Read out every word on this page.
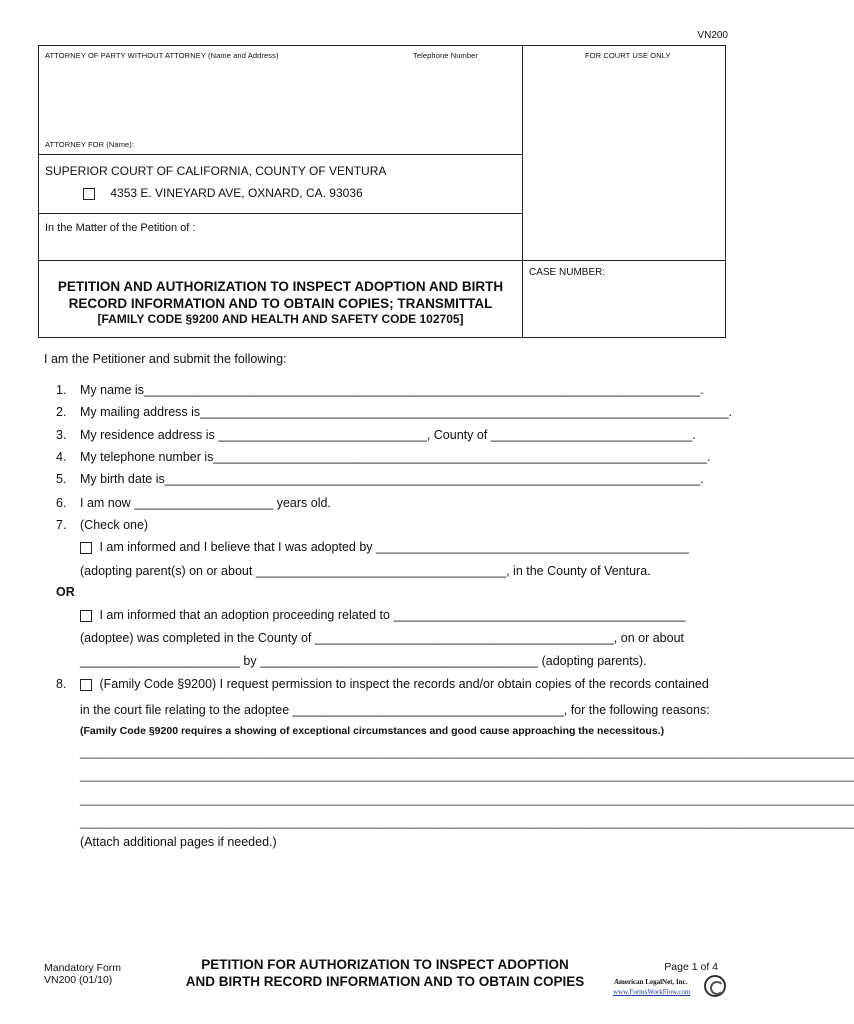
VN200
ATTORNEY OF PARTY WITHOUT ATTORNEY (Name and Address)	Telephone Number	FOR COURT USE ONLY
ATTORNEY FOR (Name):
SUPERIOR COURT OF CALIFORNIA, COUNTY OF VENTURA
4353 E. VINEYARD AVE, OXNARD, CA. 93036
In the Matter of the Petition of :
CASE NUMBER:
PETITION AND AUTHORIZATION TO INSPECT ADOPTION AND BIRTH
RECORD INFORMATION AND TO OBTAIN COPIES; TRANSMITTAL
[FAMILY CODE §9200 AND HEALTH AND SAFETY CODE 102705]
I am the Petitioner and submit the following:
1. My name is________________________________________________________________________________.
2. My mailing address is____________________________________________________________________________.
3. My residence address is ______________________________, County of _____________________________.
4. My telephone number is_______________________________________________________________________.
5. My birth date is_____________________________________________________________________________.
6. I am now ____________________ years old.
7. (Check one)
I am informed and I believe that I was adopted by _____________________________________________
(adopting parent(s) on or about ____________________________________, in the County of Ventura.
OR
I am informed that an adoption proceeding related to __________________________________________
(adoptee) was completed in the County of ___________________________________________, on or about
_______________________ by ________________________________________ (adopting parents).
8.	(Family Code §9200) I request permission to inspect the records and/or obtain copies of the records contained
in the court file relating to the adoptee _______________________________________, for the following reasons:
(Family Code §9200 requires a showing of exceptional circumstances and good cause approaching the necessitous.)
____________________________________________________________________________________________________________________
____________________________________________________________________________________________________________________
____________________________________________________________________________________________________________________
____________________________________________________________________________________________________________________
(Attach additional pages if needed.)
Mandatory Form
VN200 (01/10)
PETITION FOR AUTHORIZATION TO INSPECT ADOPTION
AND BIRTH RECORD INFORMATION AND TO OBTAIN COPIES
Page 1 of 4
American LegalNet, Inc.
www.FormsWorkFlow.com
